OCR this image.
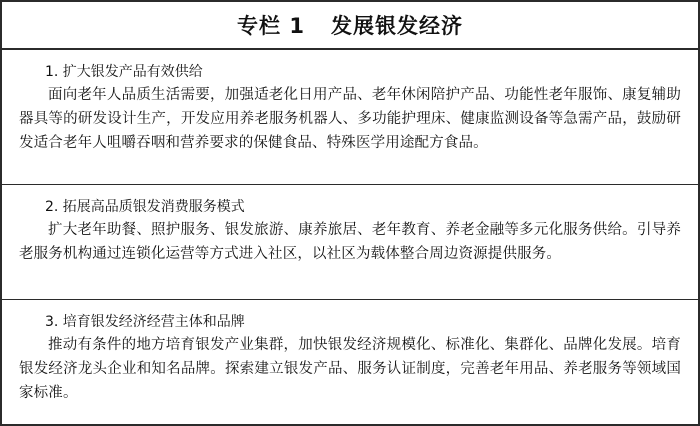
专栏 1 发展银发经济
1. 扩大银发产品有效供给

面向老年人品质生活需要，加强适老化日用产品、老年休闲陪护产品、功能性老年服饰、康复辅助器具等的研发设计生产，开发应用养老服务机器人、多功能护理床、健康监测设备等急需产品，鼓励研发适合老年人咀嚼吞咽和营养要求的保健食品、特殊医学用途配方食品。

2. 拓展高品质银发消费服务模式

扩大老年助餐、照护服务、银发旅游、康养旅居、老年教育、养老金融等多元化服务供给。引导养老服务机构通过连锁化运营等方式进入社区，以社区为载体整合周边资源提供服务。

3. 培育银发经济经营主体和品牌

推动有条件的地方培育银发产业集群，加快银发经济规模化、标准化、集群化、品牌化发展。培育银发经济龙头企业和知名品牌。探索建立银发产品、服务认证制度，完善老年用品、养老服务等领域国家标准。
